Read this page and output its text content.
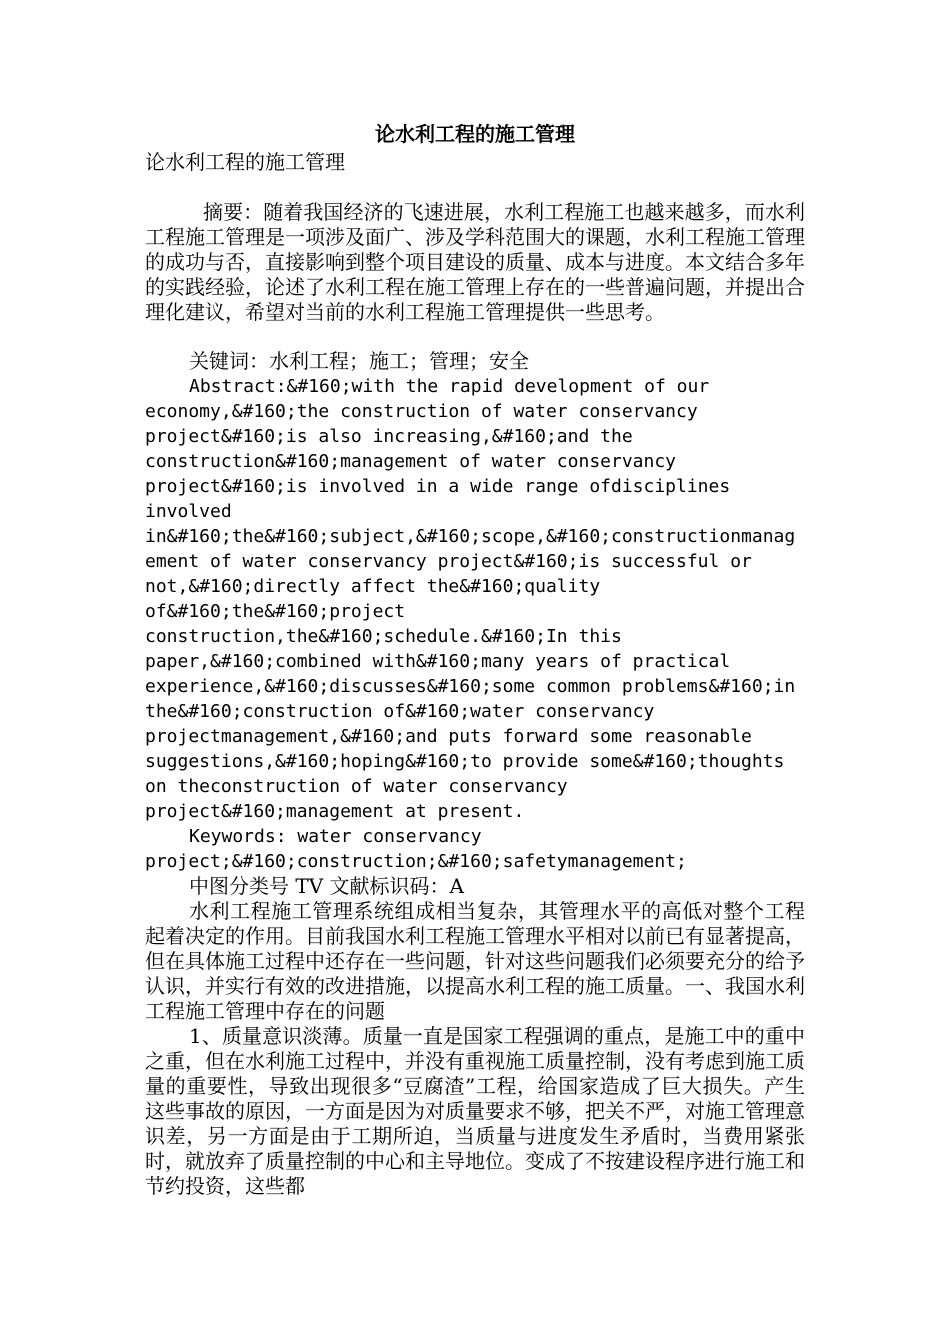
论水利工程的施工管理

论水利工程的施工管理

摘要：随着我国经济的飞速进展，水利工程施工也越来越多，而水利工程施工管理是一项涉及面广、涉及学科范围大的课题，水利工程施工管理的成功与否，直接影响到整个项目建设的质量、成本与进度。本文结合多年的实践经验，论述了水利工程在施工管理上存在的一些普遍问题，并提出合理化建议，希望对当前的水利工程施工管理提供一些思考。

关键词：水利工程；施工；管理；安全

Abstract:&#160;with the rapid development of our economy,&#160;the construction of water conservancy project&#160;is also increasing,&#160;and the construction&#160;management of water conservancy project&#160;is involved in a wide range ofdisciplines involved in&#160;the&#160;subject,&#160;scope,&#160;constructionmanagement of water conservancy project&#160;is successful or not,&#160;directly affect the&#160;quality of&#160;the&#160;project construction,the&#160;schedule.&#160;In this paper,&#160;combined with&#160;many years of practical experience,&#160;discusses&#160;some common problems&#160;in the&#160;construction of&#160;water conservancy projectmanagement,&#160;and puts forward some reasonable suggestions,&#160;hoping&#160;to provide some&#160;thoughts on theconstruction of water conservancy project&#160;management at present.

Keywords: water conservancy project;&#160;construction;&#160;safetymanagement;

中图分类号 TV 文献标识码：A

水利工程施工管理系统组成相当复杂，其管理水平的高低对整个工程起着决定的作用。目前我国水利工程施工管理水平相对以前已有显著提高，但在具体施工过程中还存在一些问题，针对这些问题我们必须要充分的给予认识，并实行有效的改进措施，以提高水利工程的施工质量。一、我国水利工程施工管理中存在的问题

1、质量意识淡薄。质量一直是国家工程强调的重点，是施工中的重中之重，但在水利施工过程中，并没有重视施工质量控制，没有考虑到施工质量的重要性，导致出现很多“豆腐渣”工程，给国家造成了巨大损失。产生这些事故的原因，一方面是因为对质量要求不够，把关不严，对施工管理意识差，另一方面是由于工期所迫，当质量与进度发生矛盾时，当费用紧张时，就放弃了质量控制的中心和主导地位。变成了不按建设程序进行施工和节约投资，这些都
